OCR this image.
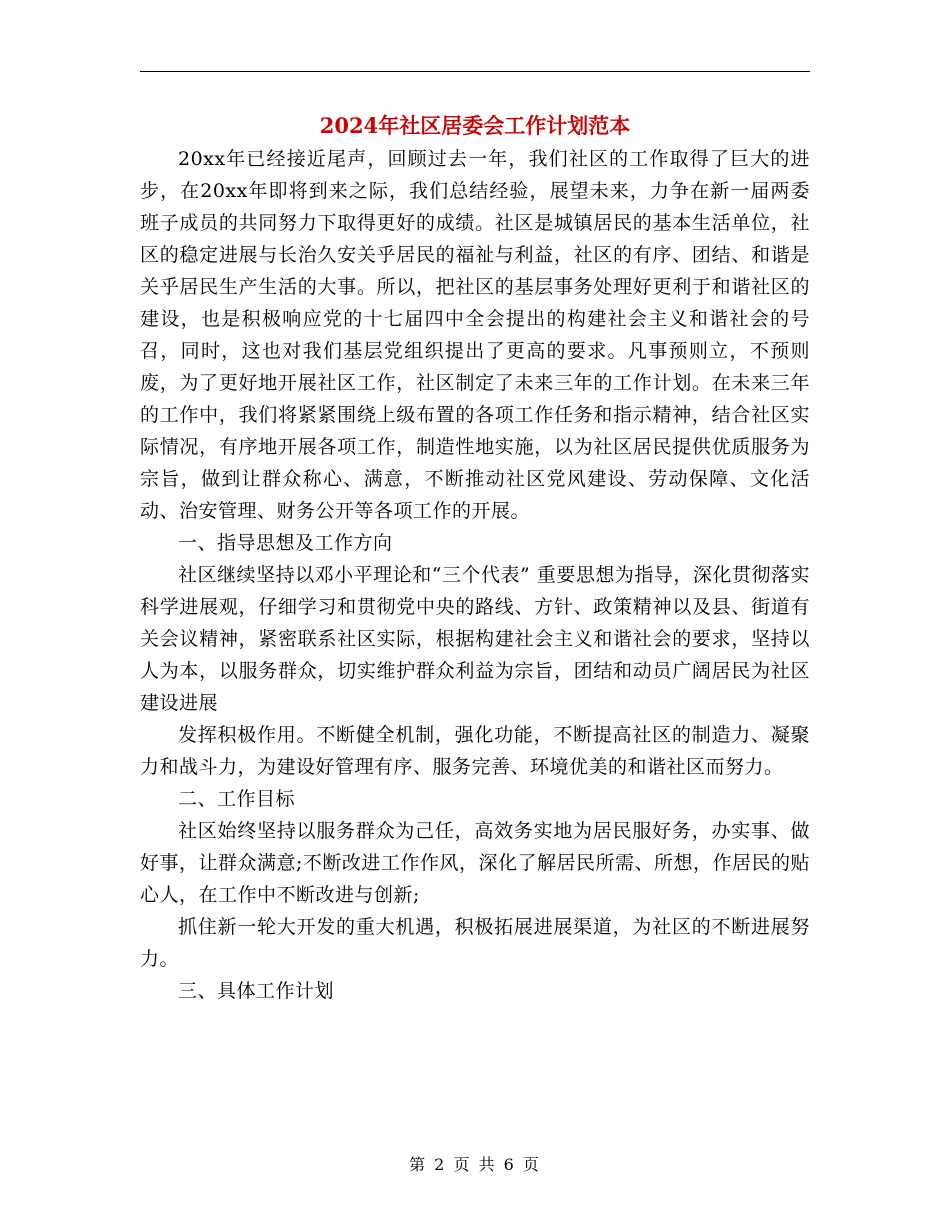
2024年社区居委会工作计划范本

20xx年已经接近尾声，回顾过去一年，我们社区的工作取得了巨大的进步，在20xx年即将到来之际，我们总结经验，展望未来，力争在新一届两委班子成员的共同努力下取得更好的成绩。社区是城镇居民的基本生活单位，社区的稳定进展与长治久安关乎居民的福祉与利益，社区的有序、团结、和谐是关乎居民生产生活的大事。所以，把社区的基层事务处理好更利于和谐社区的建设，也是积极响应党的十七届四中全会提出的构建社会主义和谐社会的号召，同时，这也对我们基层党组织提出了更高的要求。凡事预则立，不预则废，为了更好地开展社区工作，社区制定了未来三年的工作计划。在未来三年的工作中，我们将紧紧围绕上级布置的各项工作任务和指示精神，结合社区实际情况，有序地开展各项工作，制造性地实施，以为社区居民提供优质服务为宗旨，做到让群众称心、满意，不断推动社区党风建设、劳动保障、文化活动、治安管理、财务公开等各项工作的开展。

一、指导思想及工作方向

社区继续坚持以邓小平理论和“三个代表” 重要思想为指导，深化贯彻落实科学进展观，仔细学习和贯彻党中央的路线、方针、政策精神以及县、街道有关会议精神，紧密联系社区实际，根据构建社会主义和谐社会的要求，坚持以人为本，以服务群众，切实维护群众利益为宗旨，团结和动员广阔居民为社区建设进展

发挥积极作用。不断健全机制，强化功能，不断提高社区的制造力、凝聚力和战斗力，为建设好管理有序、服务完善、环境优美的和谐社区而努力。

二、工作目标

社区始终坚持以服务群众为己任，高效务实地为居民服好务，办实事、做好事，让群众满意;不断改进工作作风，深化了解居民所需、所想，作居民的贴心人，在工作中不断改进与创新;

抓住新一轮大开发的重大机遇，积极拓展进展渠道，为社区的不断进展努力。

三、具体工作计划

第 2 页 共 6 页
